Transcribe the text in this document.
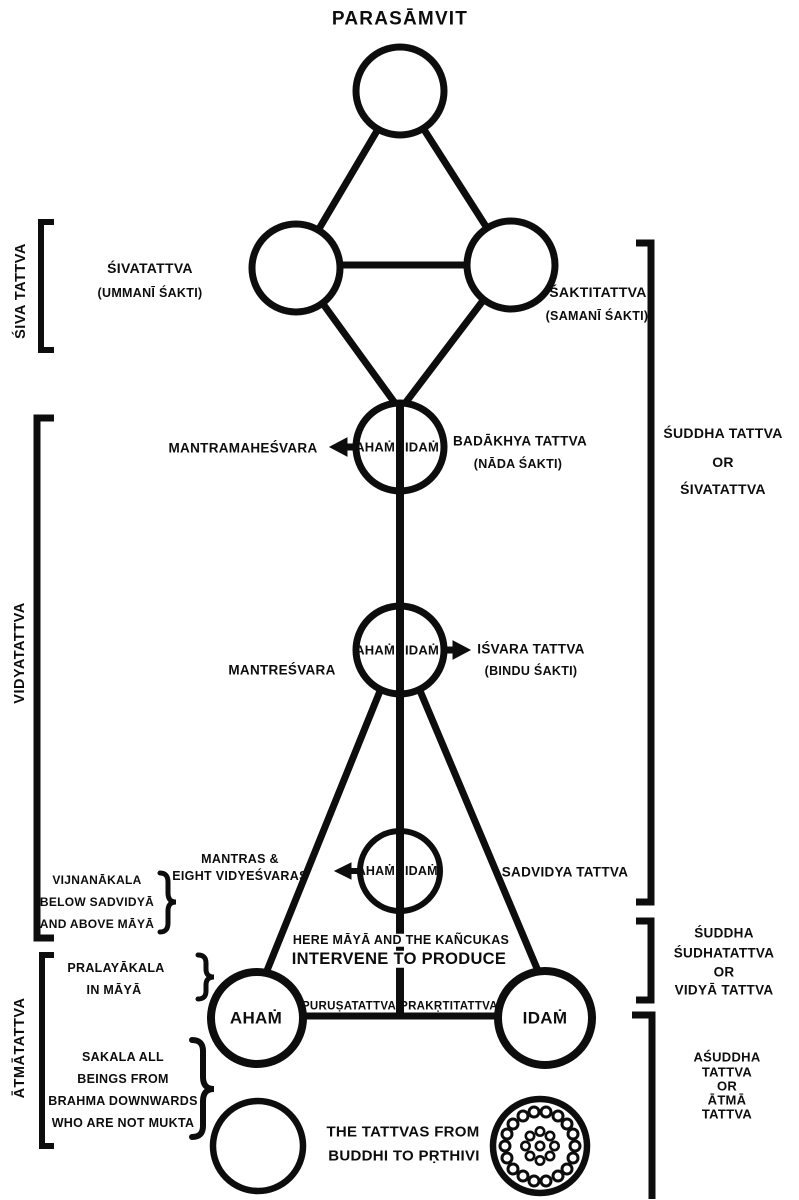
PARASĀMVIT
ŚIVA TATTVA
VIDYATATTVA
ĀTMĀTATTVA
ŚIVATATTVA
(UMMANĪ ŚAKTI)	ŚAKTITATTVA
(SAMANĪ ŚAKTI)
MANTRAMAHEŚVARA	AHAṀ IDAṀ	BADĀKHYA TATTVA
(NĀDA ŚAKTI)
ŚUDDHA TATTVA
OR
ŚIVATATTVA
MANTREŚVARA
AHAṀ IDAṀ	IŚVARA TATTVA
(BINDU ŚAKTI)
MANTRAS &
EIGHT VIDYEŚVARAS	AHAṀ IDAṀ	SADVIDYA TATTVA
VIJNANĀKALA
BELOW SADVIDYĀ
AND ABOVE MĀYĀ
HERE MĀYĀ AND THE KAÑCUKAS
INTERVENE TO PRODUCE
ŚUDDHA
ŚUDHATATTVA
OR
VIDYĀ TATTVA
PRALAYĀKALA
IN MĀYĀ
PURUṢATATTVA PRAKṚTITATTVA
AHAṀ	IDAṀ
SAKALA ALL
BEINGS FROM
BRAHMA DOWNWARDS
WHO ARE NOT MUKTA
THE TATTVAS FROM
BUDDHI TO PṚTHIVI
AŚUDDHA
TATTVA
OR
ĀTMĀ
TATTVA
